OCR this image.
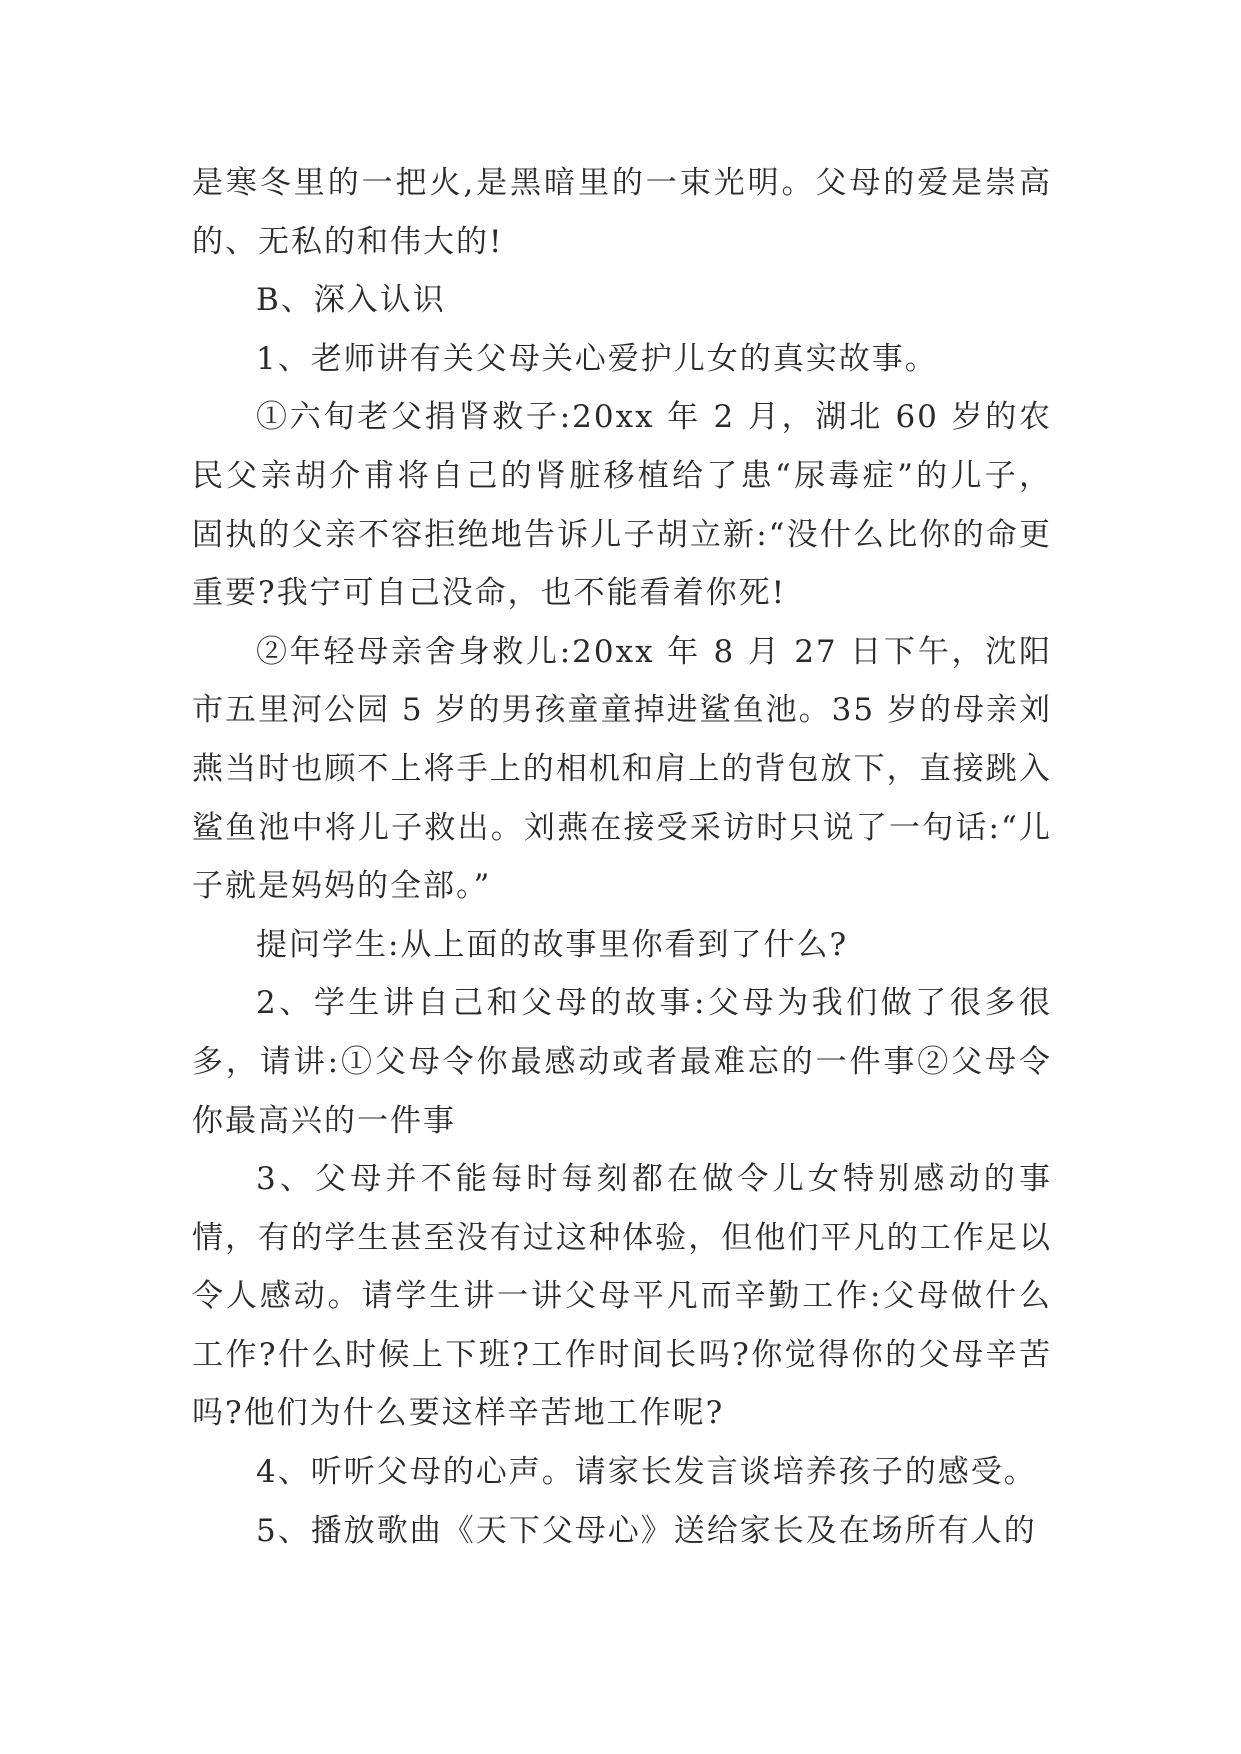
是寒冬里的一把火,是黑暗里的一束光明。父母的爱是崇高的、无私的和伟大的!

B、深入认识

1、老师讲有关父母关心爱护儿女的真实故事。

①六旬老父捐肾救子:20xx 年 2 月，湖北 60 岁的农民父亲胡介甫将自己的肾脏移植给了患“尿毒症”的儿子，固执的父亲不容拒绝地告诉儿子胡立新:“没什么比你的命更重要?我宁可自己没命，也不能看着你死!

②年轻母亲舍身救儿:20xx 年 8 月 27 日下午，沈阳市五里河公园 5 岁的男孩童童掉进鲨鱼池。35 岁的母亲刘燕当时也顾不上将手上的相机和肩上的背包放下，直接跳入鲨鱼池中将儿子救出。刘燕在接受采访时只说了一句话:“儿子就是妈妈的全部。”

提问学生:从上面的故事里你看到了什么?

2、学生讲自己和父母的故事:父母为我们做了很多很多，请讲:①父母令你最感动或者最难忘的一件事②父母令你最高兴的一件事

3、父母并不能每时每刻都在做令儿女特别感动的事情，有的学生甚至没有过这种体验，但他们平凡的工作足以令人感动。请学生讲一讲父母平凡而辛勤工作:父母做什么工作?什么时候上下班?工作时间长吗?你觉得你的父母辛苦吗?他们为什么要这样辛苦地工作呢?

4、听听父母的心声。请家长发言谈培养孩子的感受。

5、播放歌曲《天下父母心》送给家长及在场所有人的
